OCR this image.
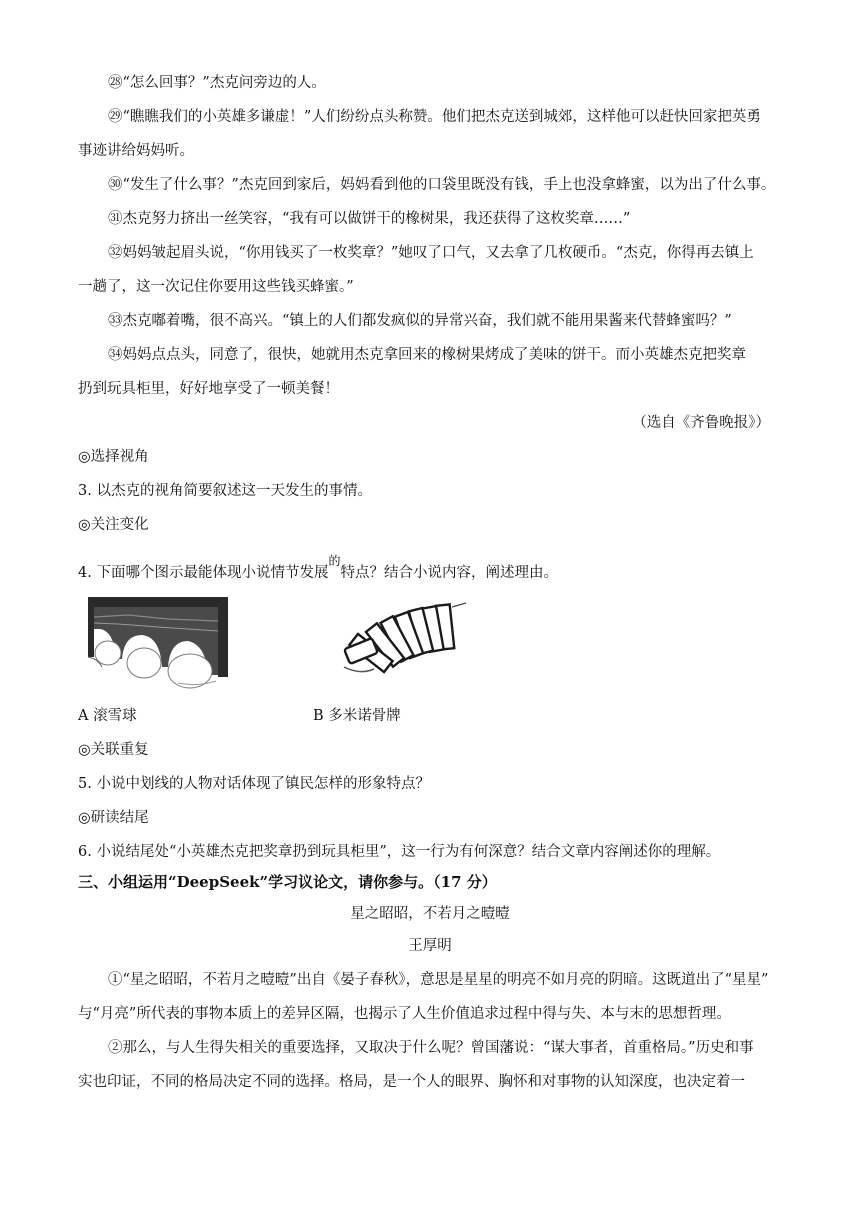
㉘“怎么回事？”杰克问旁边的人。
㉙“瞧瞧我们的小英雄多谦虚！”人们纷纷点头称赞。他们把杰克送到城郊，这样他可以赶快回家把英勇
事迹讲给妈妈听。
㉚“发生了什么事？”杰克回到家后，妈妈看到他的口袋里既没有钱，手上也没拿蜂蜜，以为出了什么事。
㉛杰克努力挤出一丝笑容，“我有可以做饼干的橡树果，我还获得了这枚奖章……”
㉜妈妈皱起眉头说，“你用钱买了一枚奖章？”她叹了口气，又去拿了几枚硬币。“杰克，你得再去镇上
一趟了，这一次记住你要用这些钱买蜂蜜。”
㉝杰克嘟着嘴，很不高兴。“镇上的人们都发疯似的异常兴奋，我们就不能用果酱来代替蜂蜜吗？”
㉞妈妈点点头，同意了，很快，她就用杰克拿回来的橡树果烤成了美味的饼干。而小英雄杰克把奖章
扔到玩具柜里，好好地享受了一顿美餐！
（选自《齐鲁晚报》）
◎选择视角
3. 以杰克的视角简要叙述这一天发生的事情。
◎关注变化
4. 下面哪个图示最能体现小说情节发展$^的$特点？结合小说内容，阐述理由。
A 滚雪球	B 多米诺骨牌
◎关联重复
5. 小说中划线的人物对话体现了镇民怎样的形象特点？
◎研读结尾
6. 小说结尾处“小英雄杰克把奖章扔到玩具柜里”，这一行为有何深意？结合文章内容阐述你的理解。
三、小组运用“DeepSeek”学习议论文，请你参与。（17 分）
星之昭昭，不若月之曀曀
王厚明
①“星之昭昭，不若月之曀曀”出自《晏子春秋》，意思是星星的明亮不如月亮的阴暗。这既道出了“星星”
与“月亮”所代表的事物本质上的差异区隔，也揭示了人生价值追求过程中得与失、本与末的思想哲理。
②那么，与人生得失相关的重要选择，又取决于什么呢？曾国藩说：“谋大事者，首重格局。”历史和事
实也印证，不同的格局决定不同的选择。格局，是一个人的眼界、胸怀和对事物的认知深度，也决定着一
